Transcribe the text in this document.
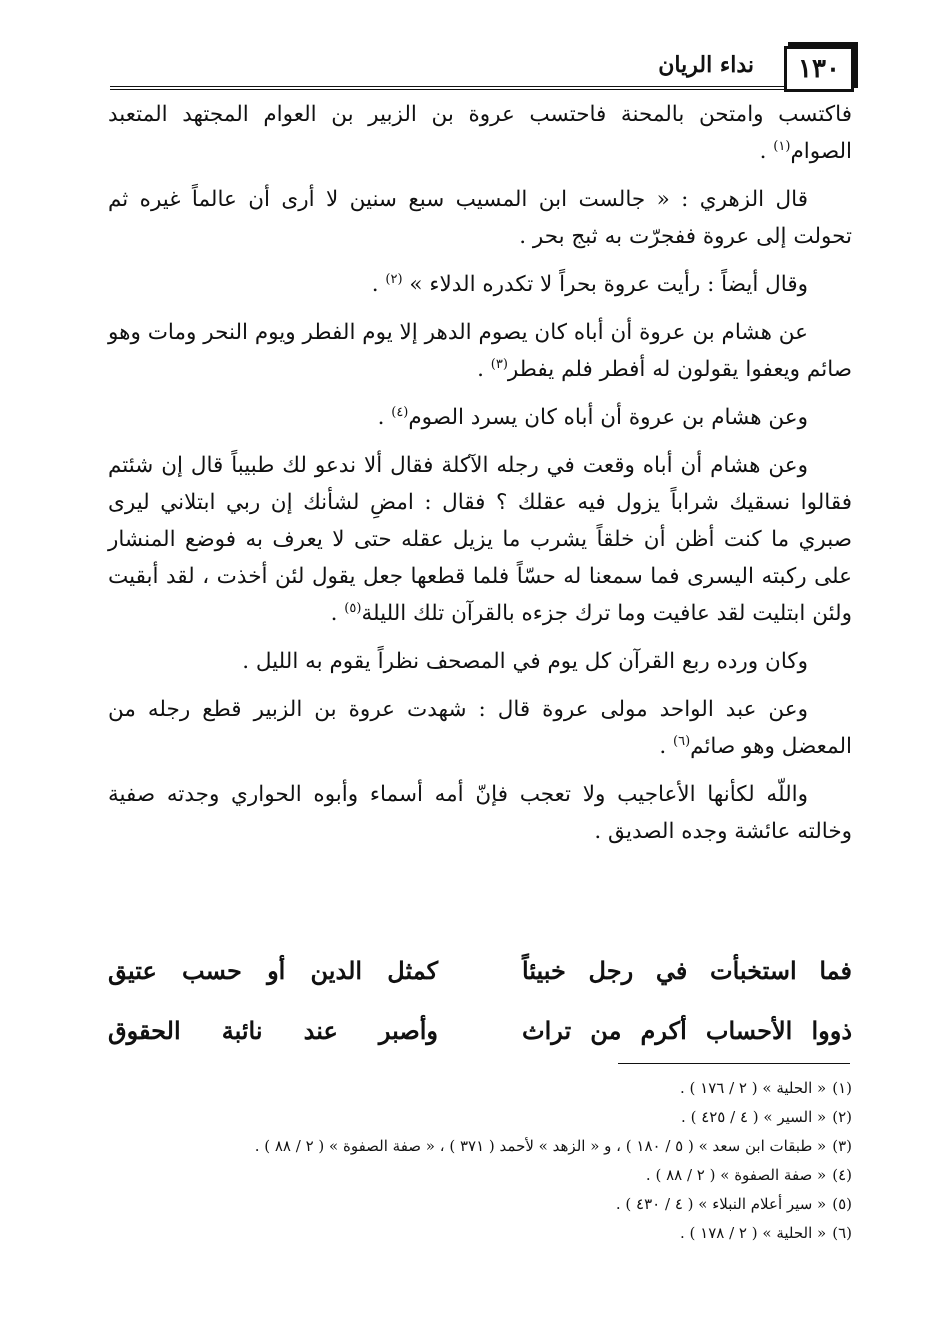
١٣٠
نداء الريان

فاكتسب وامتحن بالمحنة فاحتسب عروة بن الزبير بن العوام المجتهد المتعبد الصوام$^{(١)}$ .

قال الزهري : « جالست ابن المسيب سبع سنين لا أرى أن عالماً غيره ثم تحولت إلى عروة ففجرّت به ثبج بحر .

وقال أيضاً : رأيت عروة بحراً لا تكدره الدلاء » $^{(٢)}$ .

عن هشام بن عروة أن أباه كان يصوم الدهر إلا يوم الفطر ويوم النحر ومات وهو صائم ويعفوا يقولون له أفطر فلم يفطر$^{(٣)}$ .

وعن هشام بن عروة أن أباه كان يسرد الصوم$^{(٤)}$ .

وعن هشام أن أباه وقعت في رجله الآكلة فقال ألا ندعو لك طبيباً قال إن شئتم فقالوا نسقيك شراباً يزول فيه عقلك ؟ فقال : امضِ لشأنك إن ربي ابتلاني ليرى صبري ما كنت أظن أن خلقاً يشرب ما يزيل عقله حتى لا يعرف به فوضع المنشار على ركبته اليسرى فما سمعنا له حسّاً فلما قطعها جعل يقول لئن أخذت ، لقد أبقيت ولئن ابتليت لقد عافيت وما ترك جزءه بالقرآن تلك الليلة$^{(٥)}$ .

وكان ورده ربع القرآن كل يوم في المصحف نظراً يقوم به الليل .

وعن عبد الواحد مولى عروة قال : شهدت عروة بن الزبير قطع رجله من المعضل وهو صائم$^{(٦)}$ .

واللّه لكأنها الأعاجيب ولا تعجب فإنّ أمه أسماء وأبوه الحواري وجدته صفية وخالته عائشة وجده الصديق .

فما استخبأت في رجل خبيئاً
كمثل الدين أو حسب عتيق
ذووا الأحساب أكرم من تراث
وأصبر عند نائبة الحقوق
(١)« الحلية » ( ٢ / ١٧٦ ) .
(٢)« السير » ( ٤ / ٤٢٥ ) .
(٣)« طبقات ابن سعد » ( ٥ / ١٨٠ ) ، و « الزهد » لأحمد ( ٣٧١ ) ، « صفة الصفوة » ( ٢ / ٨٨ ) .
(٤)« صفة الصفوة » ( ٢ / ٨٨ ) .
(٥)« سير أعلام النبلاء » ( ٤ / ٤٣٠ ) .
(٦)« الحلية » ( ٢ / ١٧٨ ) .
